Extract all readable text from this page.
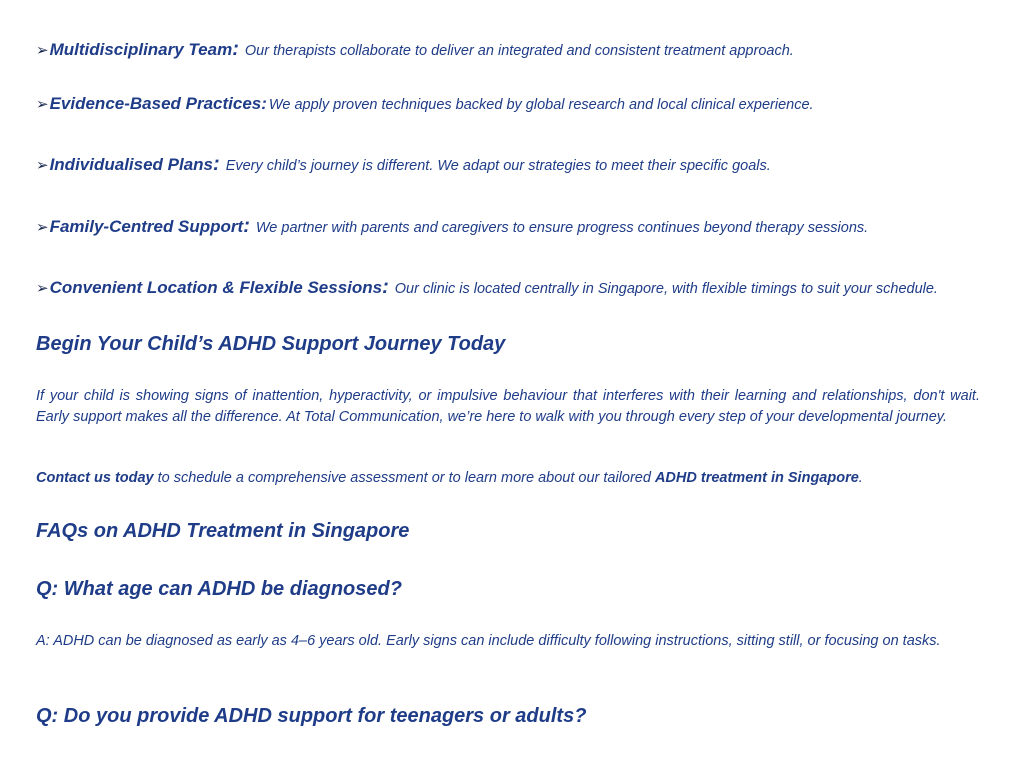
➢Multidisciplinary Team: Our therapists collaborate to deliver an integrated and consistent treatment approach.
➢Evidence-Based Practices: We apply proven techniques backed by global research and local clinical experience.
➢Individualised Plans: Every child’s journey is different. We adapt our strategies to meet their specific goals.
➢Family-Centred Support: We partner with parents and caregivers to ensure progress continues beyond therapy sessions.
➢Convenient Location & Flexible Sessions: Our clinic is located centrally in Singapore, with flexible timings to suit your schedule.
Begin Your Child’s ADHD Support Journey Today
If your child is showing signs of inattention, hyperactivity, or impulsive behaviour that interferes with their learning and relationships, don't wait. Early support makes all the difference. At Total Communication, we’re here to walk with you through every step of your developmental journey.
Contact us today to schedule a comprehensive assessment or to learn more about our tailored ADHD treatment in Singapore.
FAQs on ADHD Treatment in Singapore
Q: What age can ADHD be diagnosed?
A: ADHD can be diagnosed as early as 4–6 years old. Early signs can include difficulty following instructions, sitting still, or focusing on tasks.
Q: Do you provide ADHD support for teenagers or adults?
